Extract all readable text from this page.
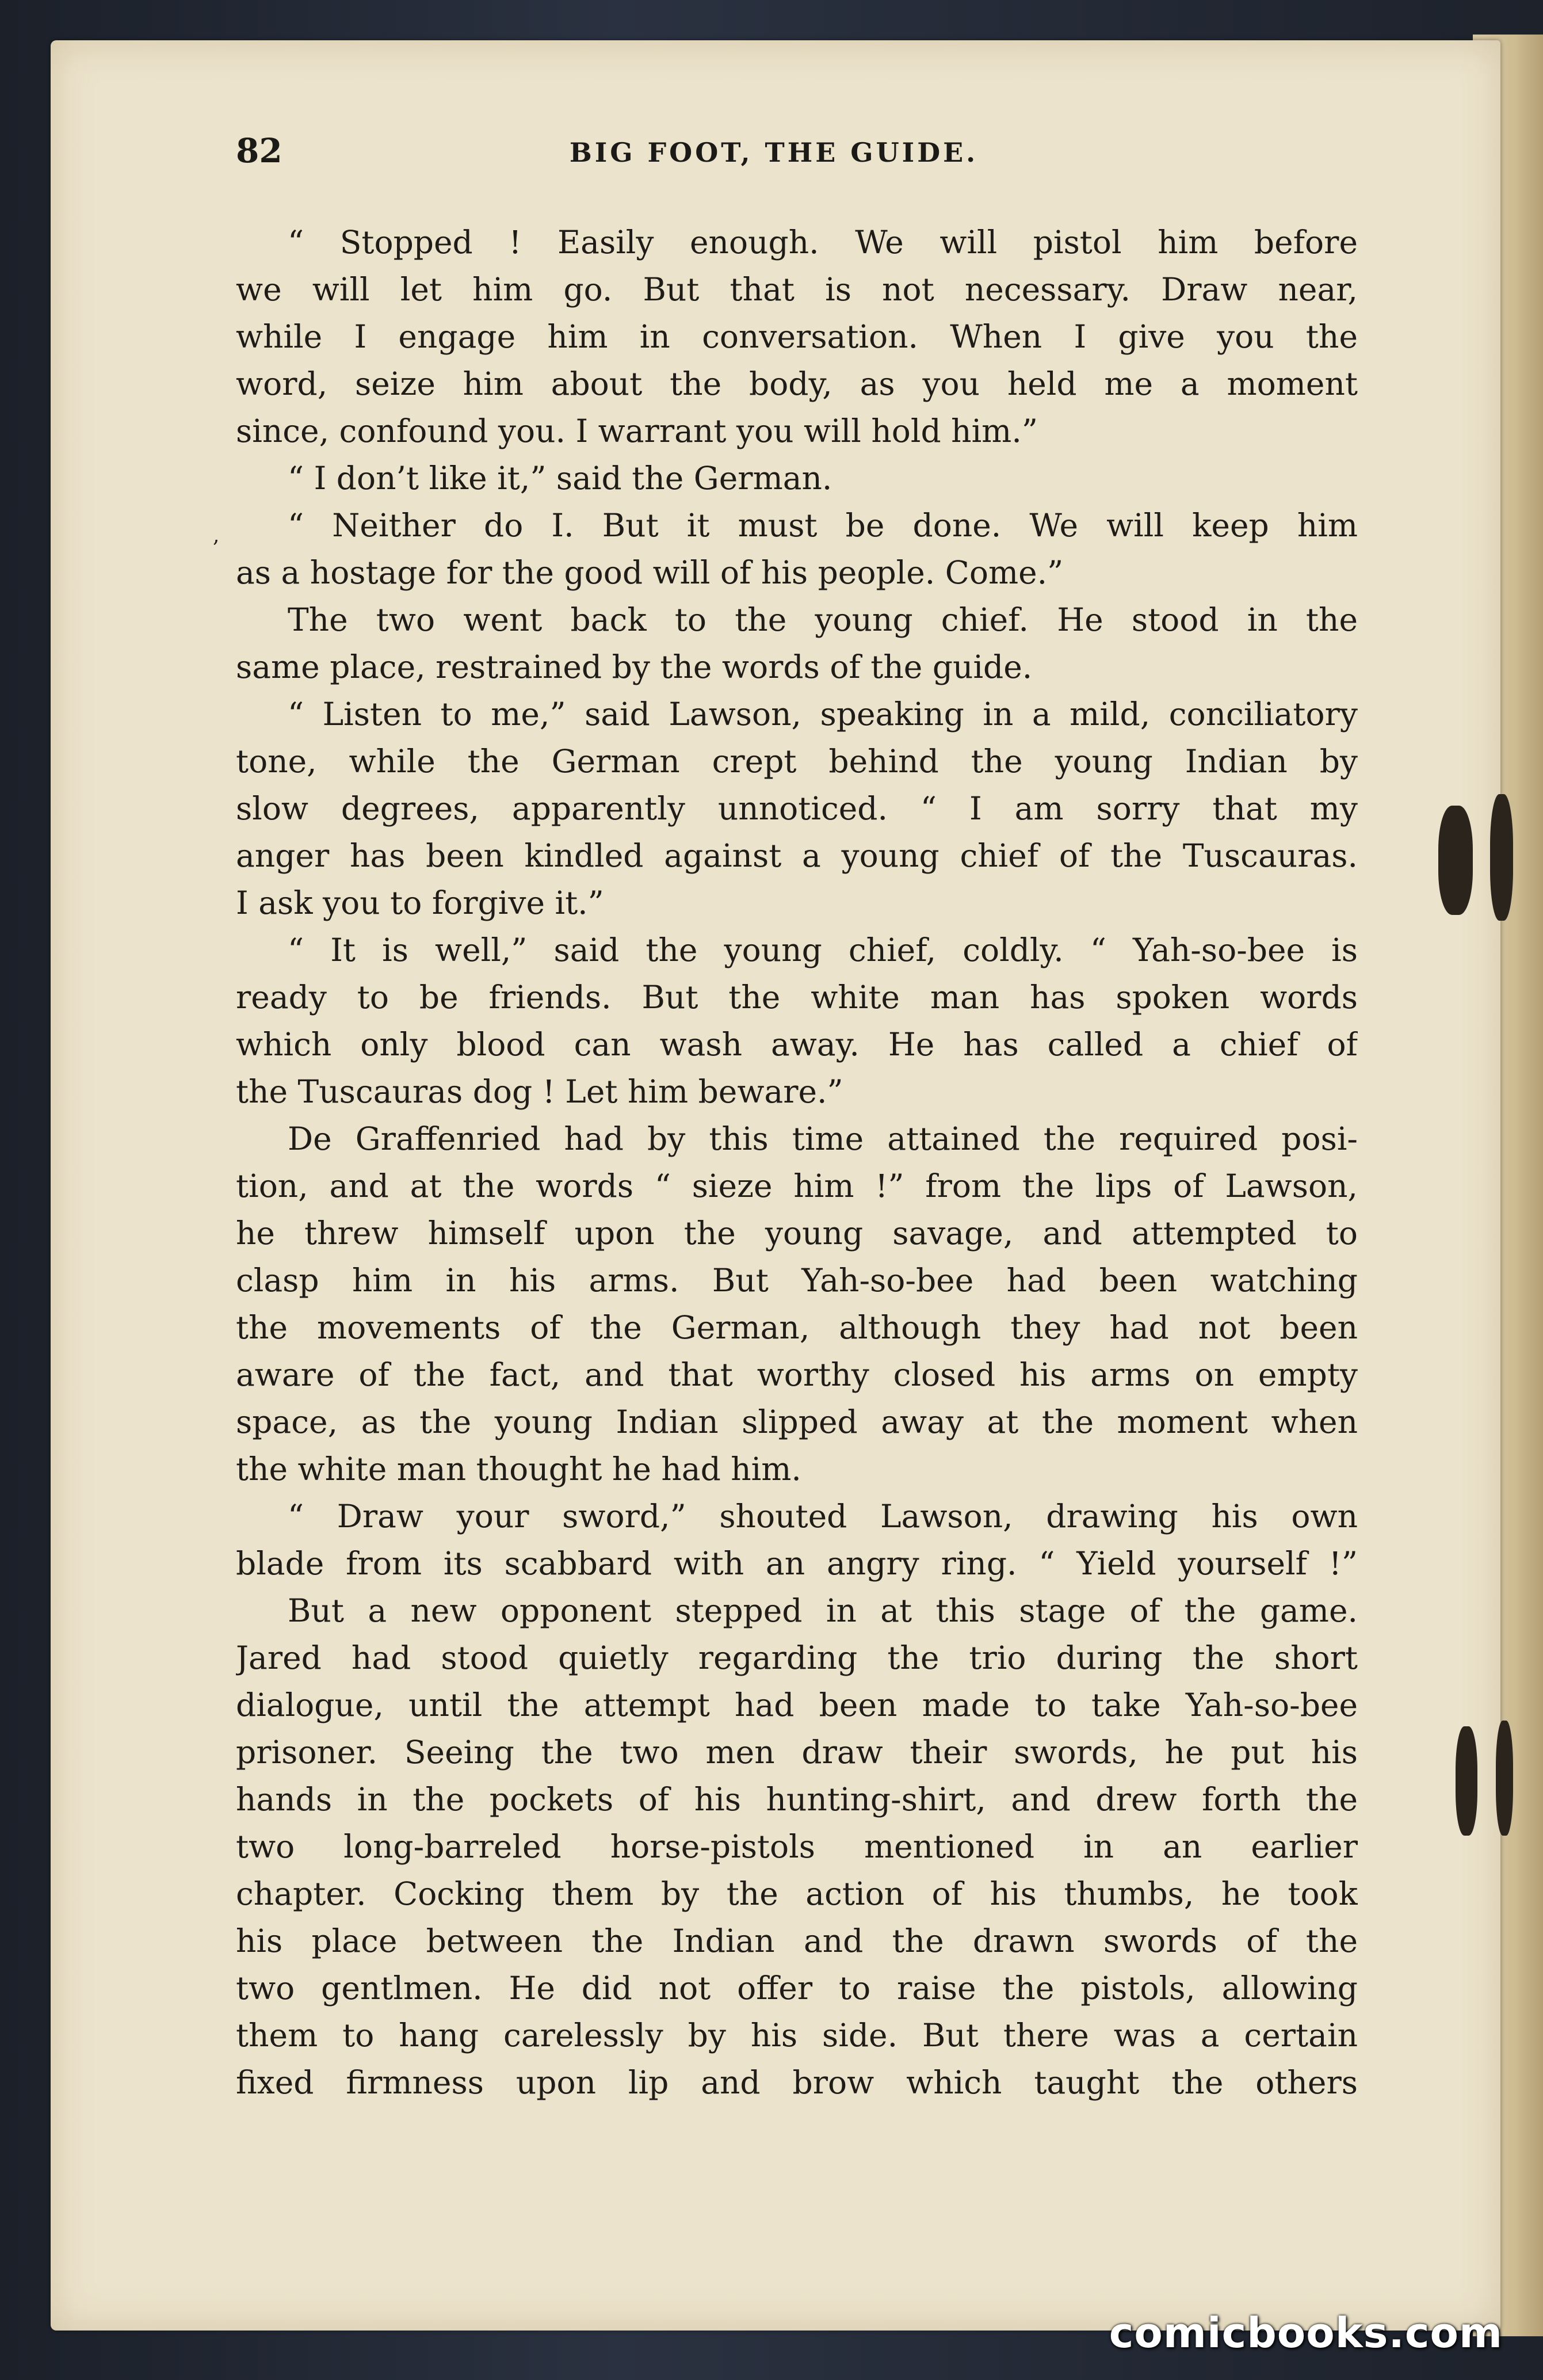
82	BIG FOOT, THE GUIDE.
,
“ Stopped ! Easily enough. We will pistol him before
we will let him go. But that is not necessary. Draw near,
while I engage him in conversation. When I give you the
word, seize him about the body, as you held me a moment
since, confound you. I warrant you will hold him.”
“ I don’t like it,” said the German.
“ Neither do I. But it must be done. We will keep him
as a hostage for the good will of his people. Come.”
The two went back to the young chief. He stood in the
same place, restrained by the words of the guide.
“ Listen to me,” said Lawson, speaking in a mild, conciliatory
tone, while the German crept behind the young Indian by
slow degrees, apparently unnoticed. “ I am sorry that my
anger has been kindled against a young chief of the Tuscauras.
I ask you to forgive it.”
“ It is well,” said the young chief, coldly. “ Yah-so-bee is
ready to be friends. But the white man has spoken words
which only blood can wash away. He has called a chief of
the Tuscauras dog ! Let him beware.”
De Graffenried had by this time attained the required posi-
tion, and at the words “ sieze him !” from the lips of Lawson,
he threw himself upon the young savage, and attempted to
clasp him in his arms. But Yah-so-bee had been watching
the movements of the German, although they had not been
aware of the fact, and that worthy closed his arms on empty
space, as the young Indian slipped away at the moment when
the white man thought he had him.
“ Draw your sword,” shouted Lawson, drawing his own
blade from its scabbard with an angry ring. “ Yield yourself !”
But a new opponent stepped in at this stage of the game.
Jared had stood quietly regarding the trio during the short
dialogue, until the attempt had been made to take Yah-so-bee
prisoner. Seeing the two men draw their swords, he put his
hands in the pockets of his hunting-shirt, and drew forth the
two long-barreled horse-pistols mentioned in an earlier
chapter. Cocking them by the action of his thumbs, he took
his place between the Indian and the drawn swords of the
two gentlmen. He did not offer to raise the pistols, allowing
them to hang carelessly by his side. But there was a certain
fixed firmness upon lip and brow which taught the others
comicbooks.com
